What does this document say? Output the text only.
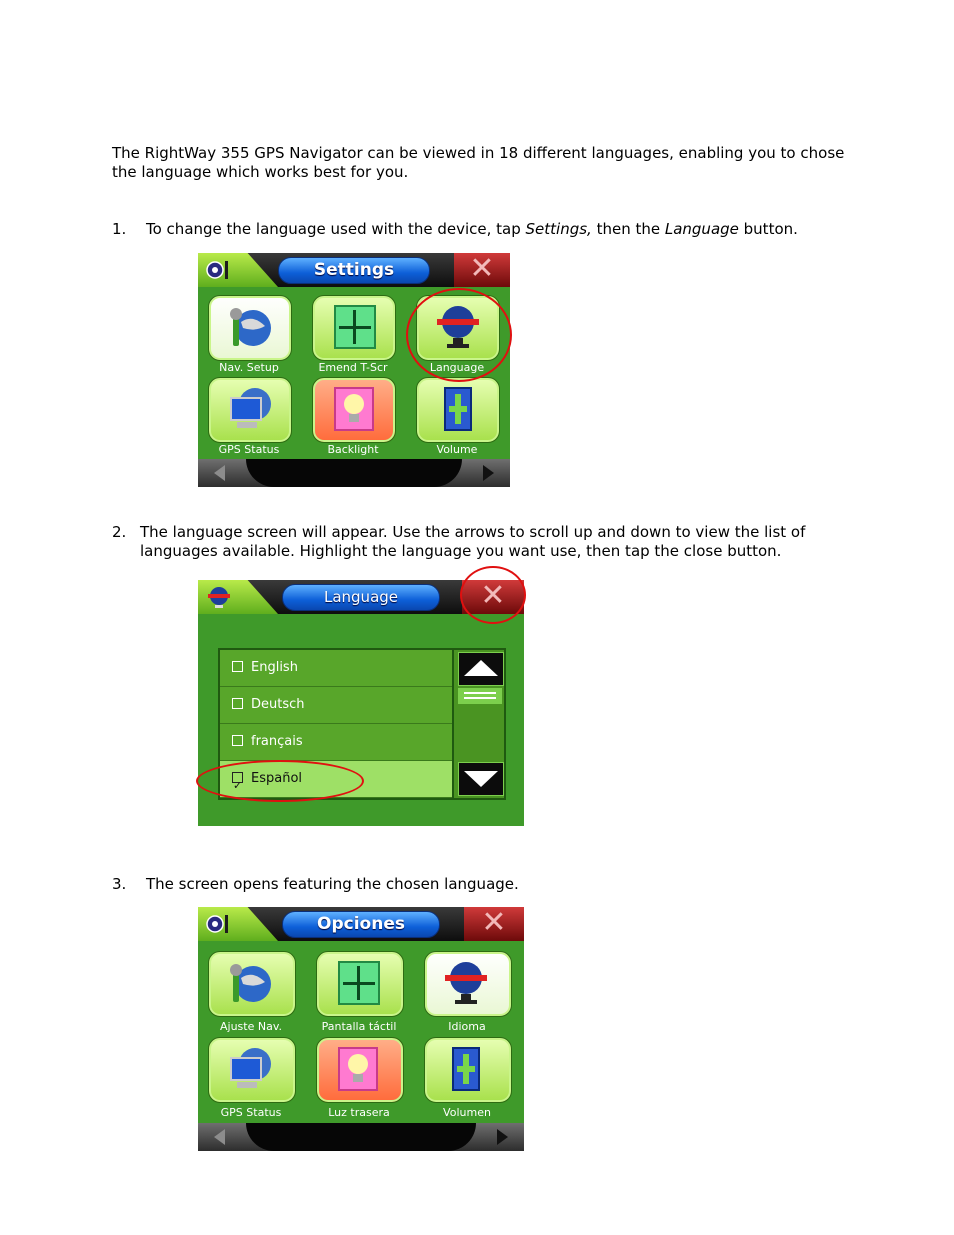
The RightWay 355 GPS Navigator can be viewed in 18 different languages, enabling you to chose the language which works best for you.

1. To change the language used with the device, tap Settings, then the Language button.

Settings	✕
Nav. Setup	Emend T-Scr	Language
GPS Status	Backlight	Volume

2. The language screen will appear. Use the arrows to scroll up and down to view the list of
languages available. Highlight the language you want use, then tap the close button.

Language	✕
English
Deutsch
français
✓Español

3. The screen opens featuring the chosen language.

Opciones	✕
Ajuste Nav.	Pantalla táctil	Idioma
GPS Status	Luz trasera	Volumen
